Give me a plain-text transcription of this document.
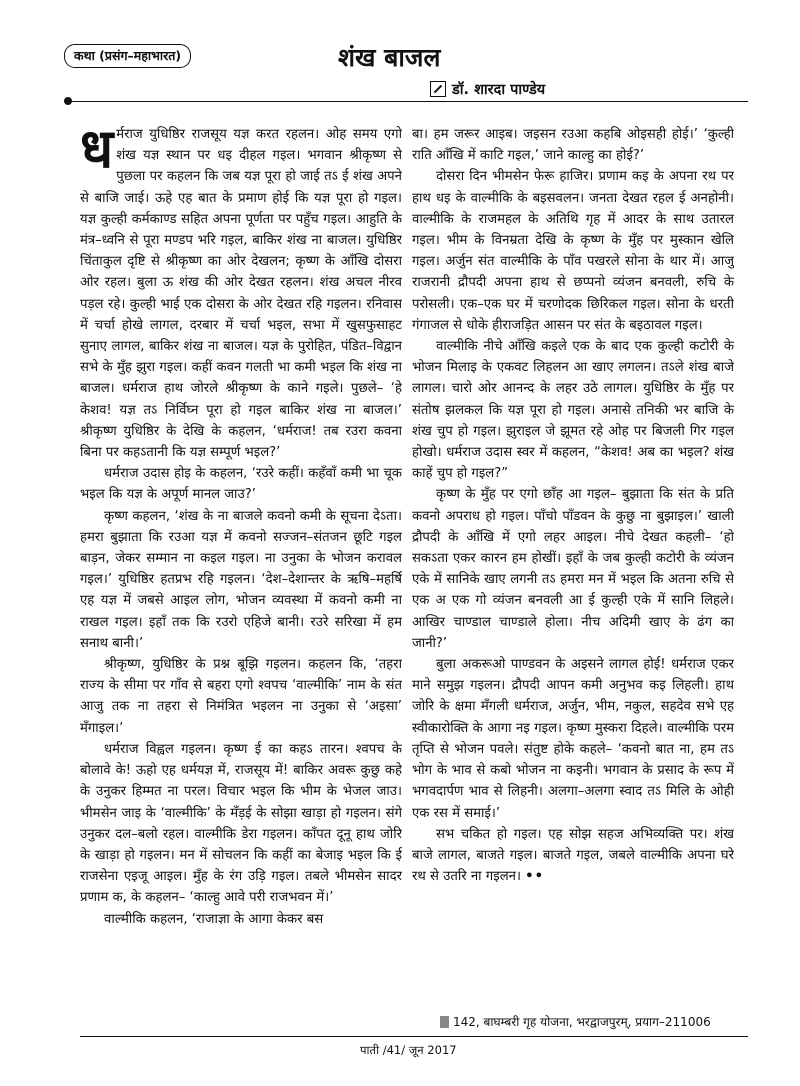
कथा (प्रसंग–महाभारत)	शंख बाजल
डॉ. शारदा पाण्डेय

धर्मराज युधिष्ठिर राजसूय यज्ञ करत रहलन। ओह समय एगो शंख यज्ञ स्थान पर धइ दीहल गइल। भगवान श्रीकृष्ण से पुछला पर कहलन कि जब यज्ञ पूरा हो जाई तऽ ई शंख अपने से बाजि जाई। ऊहे एह बात के प्रमाण होई कि यज्ञ पूरा हो गइल। यज्ञ कुल्ही कर्मकाण्ड सहित अपना पूर्णता पर पहुँच गइल। आहुति के मंत्र–ध्वनि से पूरा मण्डप भरि गइल, बाकिर शंख ना बाजल। युधिष्ठिर चिंताकुल दृष्टि से श्रीकृष्ण का ओर देखलन; कृष्ण के आँखि दोसरा ओर रहल। बुला ऊ शंख की ओर देखत रहलन। शंख अचल नीरव पड़ल रहे। कुल्ही भाई एक दोसरा के ओर देखत रहि गइलन। रनिवास में चर्चा होखे लागल, दरबार में चर्चा भइल, सभा में खुसफुसाहट सुनाए लागल, बाकिर शंख ना बाजल। यज्ञ के पुरोहित, पंडित–विद्वान सभे के मुँह झुरा गइल। कहीं कवन गलती भा कमी भइल कि शंख ना बाजल। धर्मराज हाथ जोरले श्रीकृष्ण के काने गइले। पुछले– ‘हे केशव! यज्ञ तऽ निर्विघ्न पूरा हो गइल बाकिर शंख ना बाजल।’ श्रीकृष्ण युधिष्ठिर के देखि के कहलन, ‘धर्मराज! तब रउरा कवना बिना पर कहऽतानी कि यज्ञ सम्पूर्ण भइल?’

धर्मराज उदास होइ के कहलन, ‘रउरे कहीं। कहँवाँ कमी भा चूक भइल कि यज्ञ के अपूर्ण मानल जाउ?’

कृष्ण कहलन, ‘शंख के ना बाजले कवनो कमी के सूचना देऽता। हमरा बुझाता कि रउआ यज्ञ में कवनो सज्जन–संतजन छूटि गइल बाड़न, जेकर सम्मान ना कइल गइल। ना उनुका के भोजन करावल गइल।’ युधिष्ठिर हतप्रभ रहि गइलन। ‘देश–देशान्तर के ऋषि–महर्षि एह यज्ञ में जबसे आइल लोग, भोजन व्यवस्था में कवनो कमी ना राखल गइल। इहाँ तक कि रउरो एहिजे बानी। रउरे सरिखा में हम सनाथ बानी।’

श्रीकृष्ण, युधिष्ठिर के प्रश्न बूझि गइलन। कहलन कि, ‘तहरा राज्य के सीमा पर गाँव से बहरा एगो श्वपच ‘वाल्मीकि’ नाम के संत आजु तक ना तहरा से निमंत्रित भइलन ना उनुका से ‘अइसा’ मँगाइल।’

धर्मराज विह्वल गइलन। कृष्ण ई का कहऽ तारन। श्वपच के बोलावे के! ऊहो एह धर्मयज्ञ में, राजसूय में! बाकिर अवरू कुछु कहे के उनुकर हिम्मत ना परल। विचार भइल कि भीम के भेजल जाउ। भीमसेन जाइ के ‘वाल्मीकि’ के मँड़ई के सोझा खाड़ा हो गइलन। संगे उनुकर दल–बलो रहल। वाल्मीकि डेरा गइलन। काँपत दूनू हाथ जोरि के खाड़ा हो गइलन। मन में सोचलन कि कहीं का बेजाइ भइल कि ई राजसेना एइजू आइल। मुँह के रंग उड़ि गइल। तबले भीमसेन सादर प्रणाम क, के कहलन– ‘काल्हु आवे परी राजभवन में।’

वाल्मीकि कहलन, ‘राजाज्ञा के आगा केकर बस

बा। हम जरूर आइब। जइसन रउआ कहबि ओइसही होई।’ ‘कुल्ही राति आँखि में काटि गइल,’ जाने काल्हु का होई?’

दोसरा दिन भीमसेन फेरू हाजिर। प्रणाम कइ के अपना रथ पर हाथ धइ के वाल्मीकि के बइसवलन। जनता देखत रहल ई अनहोनी। वाल्मीकि के राजमहल के अतिथि गृह में आदर के साथ उतारल गइल। भीम के विनम्रता देखि के कृष्ण के मुँह पर मुस्कान खेलि गइल। अर्जुन संत वाल्मीकि के पाँव पखरले सोना के थार में। आजु राजरानी द्रौपदी अपना हाथ से छप्पनो व्यंजन बनवली, रुचि के परोसली। एक–एक घर में चरणोदक छिरिकल गइल। सोना के धरती गंगाजल से धोके हीराजड़ित आसन पर संत के बइठावल गइल।

वाल्मीकि नीचे आँखि कइले एक के बाद एक कुल्ही कटोरी के भोजन मिलाइ के एकवट लिहलन आ खाए लगलन। तऽले शंख बाजे लागल। चारो ओर आनन्द के लहर उठे लागल। युधिष्ठिर के मुँह पर संतोष झलकल कि यज्ञ पूरा हो गइल। अनासे तनिकी भर बाजि के शंख चुप हो गइल। झुराइल जे झूमत रहे ओह पर बिजली गिर गइल होखो। धर्मराज उदास स्वर में कहलन, “केशव! अब का भइल? शंख काहें चुप हो गइल?”

कृष्ण के मुँह पर एगो छाँह आ गइल– बुझाता कि संत के प्रति कवनो अपराध हो गइल। पाँचो पाँडवन के कुछु ना बुझाइल।’ खाली द्रौपदी के आँखि में एगो लहर आइल। नीचे देखत कहली– ‘हो सकऽता एकर कारन हम होखीं। इहाँ के जब कुल्ही कटोरी के व्यंजन एके में सानिके खाए लगनी तऽ हमरा मन में भइल कि अतना रुचि से एक अ एक गो व्यंजन बनवली आ ई कुल्ही एके में सानि लिहले। आखिर चाण्डाल चाण्डाले होला। नीच अदिमी खाए के ढंग का जानी?’

बुला अकरूओ पाण्डवन के अइसने लागल होई! धर्मराज एकर माने समुझ गइलन। द्रौपदी आपन कमी अनुभव कइ लिहली। हाथ जोरि के क्षमा मँगली धर्मराज, अर्जुन, भीम, नकुल, सहदेव सभे एह स्वीकारोक्ति के आगा नइ गइल। कृष्ण मुस्करा दिहले। वाल्मीकि परम तृप्ति से भोजन पवले। संतुष्ट होके कहले– ‘कवनो बात ना, हम तऽ भोग के भाव से कबो भोजन ना कइनी। भगवान के प्रसाद के रूप में भगवदार्पण भाव से लिहनी। अलगा–अलगा स्वाद तऽ मिलि के ओही एक रस में समाई।’

सभ चकित हो गइल। एह सोझ सहज अभिव्यक्ति पर। शंख बाजे लागल, बाजते गइल। बाजते गइल, जबले वाल्मीकि अपना घरे रथ से उतरि ना गइलन। ••

142, बाघम्बरी गृह योजना, भरद्वाजपुरम्, प्रयाग–211006
पाती /41/ जून 2017
